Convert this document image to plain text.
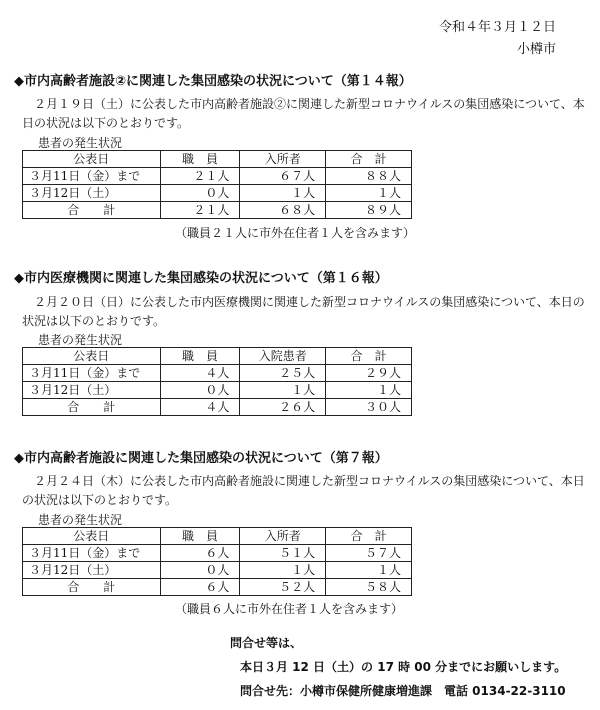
令和４年３月１２日
小樽市
◆市内高齢者施設②に関連した集団感染の状況について（第１４報）
２月１９日（土）に公表した市内高齢者施設②に関連した新型コロナウイルスの集団感染について、本日の状況は以下のとおりです。
患者の発生状況
公表日	職　員	入所者	合　計
３月11日（金）まで	２１人	６７人	８８人
３月12日（土）	０人	１人	１人
合　　計	２１人	６８人	８９人
（職員２１人に市外在住者１人を含みます）
◆市内医療機関に関連した集団感染の状況について（第１６報）
２月２０日（日）に公表した市内医療機関に関連した新型コロナウイルスの集団感染について、本日の状況は以下のとおりです。
患者の発生状況
公表日	職　員	入院患者	合　計
３月11日（金）まで	４人	２５人	２９人
３月12日（土）	０人	１人	１人
合　　計	４人	２６人	３０人
◆市内高齢者施設に関連した集団感染の状況について（第７報）
２月２４日（木）に公表した市内高齢者施設に関連した新型コロナウイルスの集団感染について、本日の状況は以下のとおりです。
患者の発生状況
公表日	職　員	入所者	合　計
３月11日（金）まで	６人	５１人	５７人
３月12日（土）	０人	１人	１人
合　　計	６人	５２人	５８人
（職員６人に市外在住者１人を含みます）
問合せ等は、
本日３月 12 日（土）の 17 時 00 分までにお願いします。
問合せ先：小樽市保健所健康増進課　電話 0134-22-3110
